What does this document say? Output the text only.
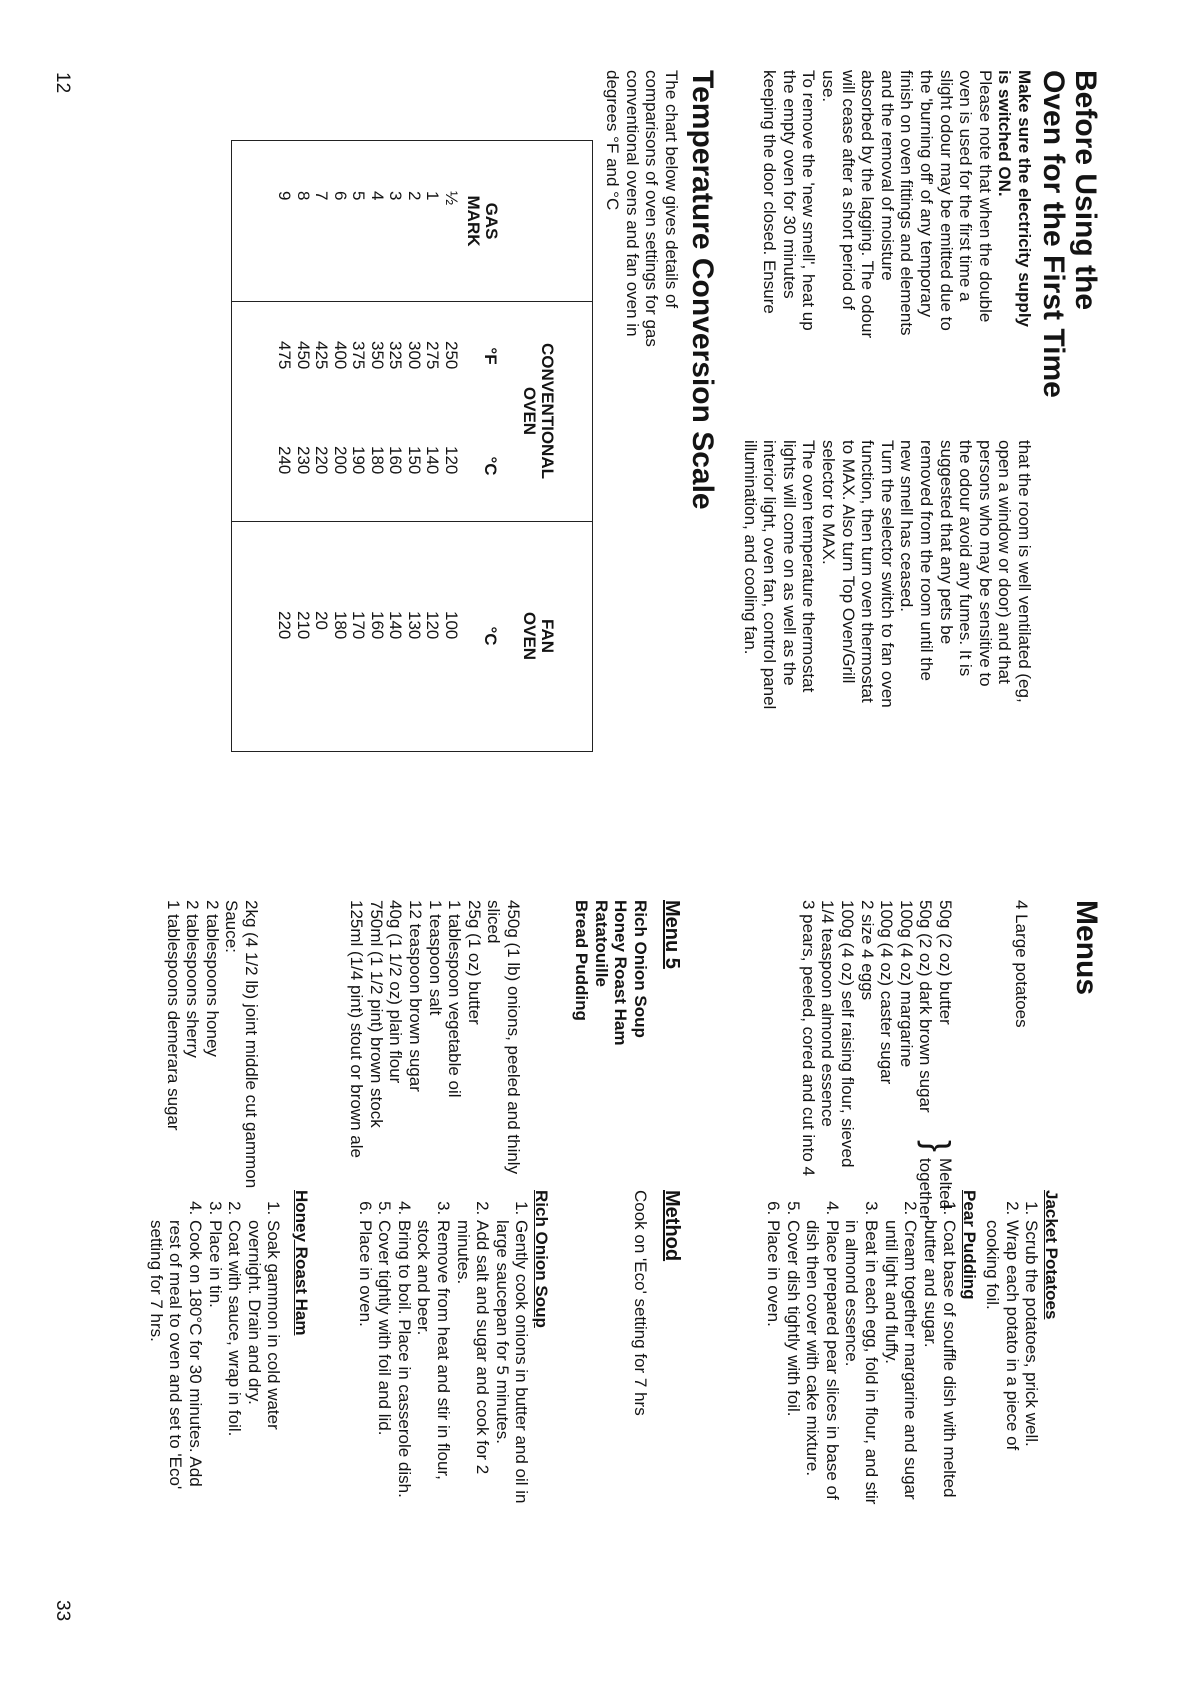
12	Before Using the
Oven for the First Time

Make sure the electricity supply

is switched ON.

Please note that when the double
oven is used for the first time a
slight odour may be emitted due to
the 'burning off' of any temporary
finish on oven fittings and elements
and the removal of moisture
absorbed by the lagging. The odour
will cease after a short period of
use.
To remove the 'new smell', heat up
the empty oven for 30 minutes
keeping the door closed. Ensure
that the room is well ventilated (eg,
open a window or door) and that
persons who may be sensitive to
the odour avoid any fumes. It is
suggested that any pets be
removed from the room until the
new smell has ceased.
Turn the selector switch to fan oven
function, then turn oven thermostat
to MAX. Also turn Top Oven/Grill
selector to MAX.
The oven temperature thermostat
lights will come on as well as the
interior light, oven fan, control panel
illumination, and cooling fan.
Temperature Conversion Scale
The chart below gives details of
comparisons of oven settings for gas
conventional ovens and fan oven in
degrees °F and °C
GAS
MARK
CONVENTIONAL
OVEN
°F
°C
FAN
OVEN
°C
½
1
2
3
4
5
6
7
8
9
250
275
300
325
350
375
400
425
450
475
120
140
150
160
180
190
200
220
230
240
100
120
130
140
160
170
180
20
210
220
Menus
4 Large potatoes
Jacket Potatoes
1. Scrub the potatoes, prick well.
2. Wrap each potato in a piece of
cooking foil.
Pear Pudding
1. Coat base of souffle dish with melted
butter and sugar.
2. Cream together margarine and sugar
until light and fluffy.
3. Beat in each egg, fold in flour, and stir
in almond essence.
4. Place prepared pear slices in base of
dish then cover with cake mixture.
5. Cover dish tightly with foil.
6. Place in oven.
50g (2 oz) butter
50g (2 oz) dark brown sugar
100g (4 oz) margarine
100g (4 oz) caster sugar
2 size 4 eggs
100g (4 oz) self raising flour, sieved
1/4 teaspoon almond essence
3 pears, peeled, cored and cut into 4	}
Melted
together
Menu 5
Rich Onion Soup
Honey Roast Ham
Ratatouille
Bread Pudding
Method
Cook on 'Eco' setting for 7 hrs
Rich Onion Soup
1. Gently cook onions in butter and oil in
large saucepan for 5 minutes.
2. Add salt and sugar and cook for 2
minutes.
3. Remove from heat and stir in flour,
stock and beer.
4. Bring to boil. Place in casserole dish.
5. Cover tightly with foil and lid.
6. Place in oven.
450g (1 lb) onions, peeled and thinly
sliced
25g (1 oz) butter
1 tablespoon vegetable oil
1 teaspoon salt
12 teaspoon brown sugar
40g (1 1/2 oz) plain flour
750ml (1 1/2 pint) brown stock
125ml (1/4 pint) stout or brown ale
Honey Roast Ham
1. Soak gammon in cold water
overnight. Drain and dry.
2. Coat with sauce, wrap in foil.
3. Place in tin.
4. Cook on 180°C for 30 minutes. Add
rest of meal to oven and set to 'Eco'
setting for 7 hrs.
2kg (4 1/2 lb) joint middle cut gammon
Sauce:
2 tablespoons honey
2 tablespoons sherry
1 tablespoons demerara sugar
33
